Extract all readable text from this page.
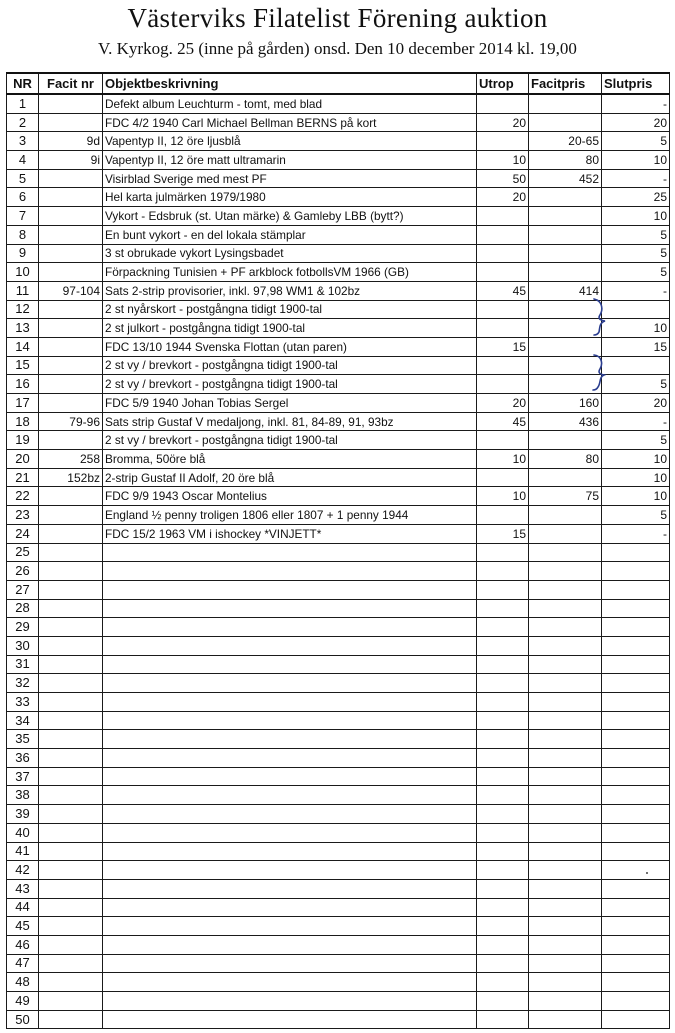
Västerviks Filatelist Förening auktion
V. Kyrkog. 25 (inne på gården) onsd. Den 10 december 2014 kl. 19,00
NR	Facit nr	Objektbeskrivning	Utrop	Facitpris	Slutpris
1		Defekt album Leuchturm - tomt, med blad			-
2		FDC 4/2 1940 Carl Michael Bellman BERNS på kort	20		20
3	9d	Vapentyp II, 12 öre ljusblå		20-65	5
4	9i	Vapentyp II, 12 öre matt ultramarin	10	80	10
5		Visirblad Sverige med mest PF	50	452	-
6		Hel karta julmärken 1979/1980	20		25
7		Vykort - Edsbruk (st. Utan märke) & Gamleby LBB (bytt?)			10
8		En bunt vykort - en del lokala stämplar			5
9		3 st obrukade vykort Lysingsbadet			5
10		Förpackning Tunisien + PF arkblock fotbollsVM 1966 (GB)			5
11	97-104	Sats 2-strip provisorier, inkl. 97,98 WM1 & 102bz	45	414	-
12		2 st nyårskort - postgångna tidigt 1900-tal			
13		2 st julkort - postgångna tidigt 1900-tal			10
14		FDC 13/10 1944 Svenska Flottan (utan paren)	15		15
15		2 st vy / brevkort - postgångna tidigt 1900-tal			
16		2 st vy / brevkort - postgångna tidigt 1900-tal			5
17		FDC 5/9 1940 Johan Tobias Sergel	20	160	20
18	79-96	Sats strip Gustaf V medaljong, inkl. 81, 84-89, 91, 93bz	45	436	-
19		2 st vy / brevkort - postgångna tidigt 1900-tal			5
20	258	Bromma, 50öre blå	10	80	10
21	152bz	2-strip Gustaf II Adolf, 20 öre blå			10
22		FDC 9/9 1943 Oscar Montelius	10	75	10
23		England ½ penny troligen 1806 eller 1807 + 1 penny 1944			5
24		FDC 15/2 1963 VM i ishockey *VINJETT*	15		-
25					
26					
27					
28					
29					
30					
31					
32					
33					
34					
35					
36					
37					
38					
39					
40					
41					
42					
43					
44					
45					
46					
47					
48					
49					
50					
